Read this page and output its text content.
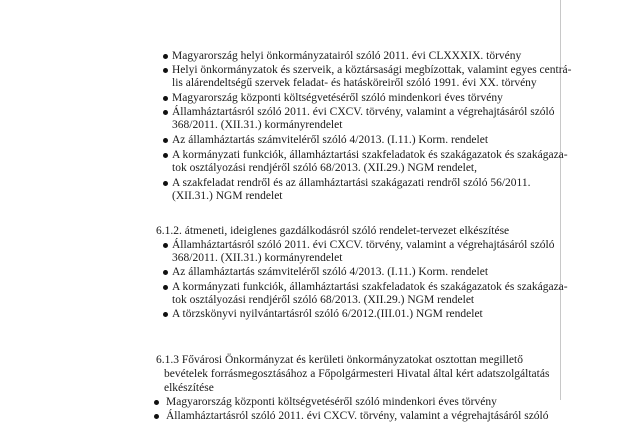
Magyarország helyi önkormányzatairól szóló 2011. évi CLXXXIX. törvény
Helyi önkormányzatok és szerveik, a köztársasági megbízottak, valamint egyes centrá-
lis alárendeltségű szervek feladat- és hatásköreiről szóló 1991. évi XX. törvény
Magyarország központi költségvetéséről szóló mindenkori éves törvény
Államháztartásról szóló 2011. évi CXCV. törvény, valamint a végrehajtásáról szóló
368/2011. (XII.31.) kormányrendelet
Az államháztartás számviteléről szóló 4/2013. (I.11.) Korm. rendelet
A kormányzati funkciók, államháztartási szakfeladatok és szakágazatok és szakágaza-
tok osztályozási rendjéről szóló 68/2013. (XII.29.) NGM rendelet,
A szakfeladat rendről és az államháztartási szakágazati rendről szóló 56/2011.
(XII.31.) NGM rendelet
6.1.2. átmeneti, ideiglenes gazdálkodásról szóló rendelet-tervezet elkészítése
Államháztartásról szóló 2011. évi CXCV. törvény, valamint a végrehajtásáról szóló
368/2011. (XII.31.) kormányrendelet
Az államháztartás számviteléről szóló 4/2013. (I.11.) Korm. rendelet
A kormányzati funkciók, államháztartási szakfeladatok és szakágazatok és szakágaza-
tok osztályozási rendjéről szóló 68/2013. (XII.29.) NGM rendelet
A törzskönyvi nyilvántartásról szóló 6/2012.(III.01.) NGM rendelet
6.1.3 Fővárosi Önkormányzat és kerületi önkormányzatokat osztottan megillető
bevételek forrásmegosztásához a Főpolgármesteri Hivatal által kért adatszolgáltatás
elkészítése
Magyarország központi költségvetéséről szóló mindenkori éves törvény
Államháztartásról szóló 2011. évi CXCV. törvény, valamint a végrehajtásáról szóló
